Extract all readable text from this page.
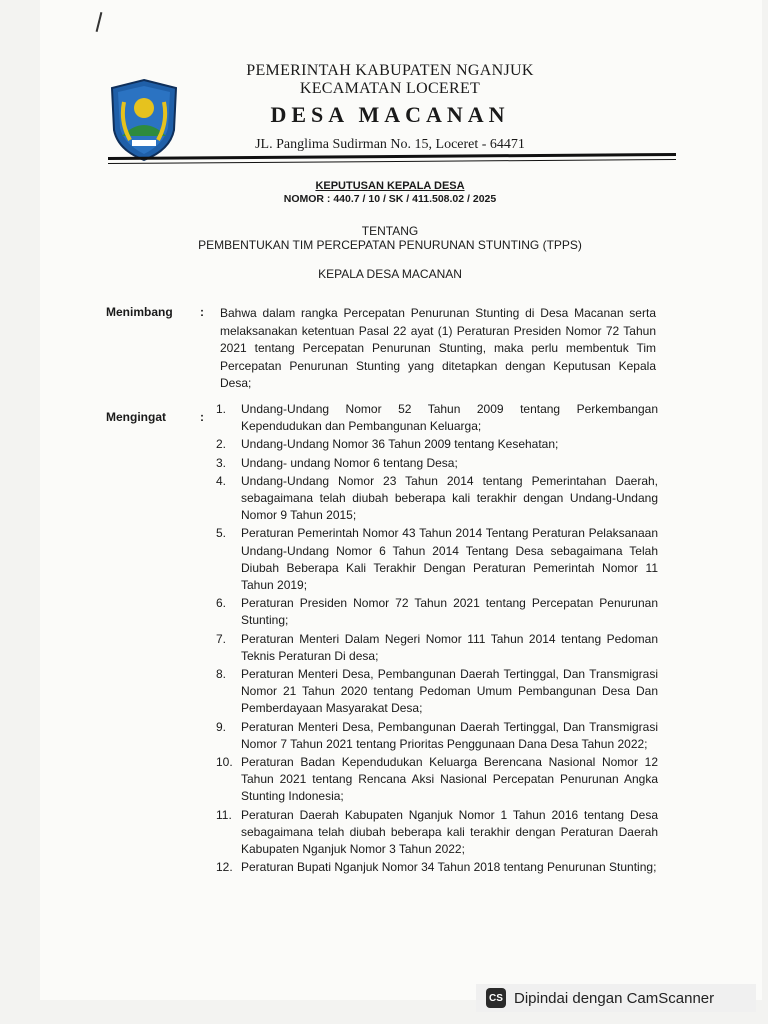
PEMERINTAH KABUPATEN NGANJUK
KECAMATAN LOCERET
DESA MACANAN
JL. Panglima Sudirman No. 15, Loceret - 64471
KEPUTUSAN KEPALA DESA
NOMOR : 440.7 / 10 / SK / 411.508.02 / 2025
TENTANG
PEMBENTUKAN TIM PERCEPATAN PENURUNAN STUNTING (TPPS)
KEPALA DESA MACANAN
Menimbang : Bahwa dalam rangka Percepatan Penurunan Stunting di Desa Macanan serta melaksanakan ketentuan Pasal 22 ayat (1) Peraturan Presiden Nomor 72 Tahun 2021 tentang Percepatan Penurunan Stunting, maka perlu membentuk Tim Percepatan Penurunan Stunting yang ditetapkan dengan Keputusan Kepala Desa;
Mengingat	:
1. Undang-Undang Nomor 52 Tahun 2009 tentang Perkembangan Kependudukan dan Pembangunan Keluarga;
2. Undang-Undang Nomor 36 Tahun 2009 tentang Kesehatan;
3. Undang- undang Nomor 6 tentang Desa;
4. Undang-Undang Nomor 23 Tahun 2014 tentang Pemerintahan Daerah, sebagaimana telah diubah beberapa kali terakhir dengan Undang-Undang Nomor 9 Tahun 2015;
5. Peraturan Pemerintah Nomor 43 Tahun 2014 Tentang Peraturan Pelaksanaan Undang-Undang Nomor 6 Tahun 2014 Tentang Desa sebagaimana Telah Diubah Beberapa Kali Terakhir Dengan Peraturan Pemerintah Nomor 11 Tahun 2019;
6. Peraturan Presiden Nomor 72 Tahun 2021 tentang Percepatan Penurunan Stunting;
7. Peraturan Menteri Dalam Negeri Nomor 111 Tahun 2014 tentang Pedoman Teknis Peraturan Di desa;
8. Peraturan Menteri Desa, Pembangunan Daerah Tertinggal, Dan Transmigrasi Nomor 21 Tahun 2020 tentang Pedoman Umum Pembangunan Desa Dan Pemberdayaan Masyarakat Desa;
9. Peraturan Menteri Desa, Pembangunan Daerah Tertinggal, Dan Transmigrasi Nomor 7 Tahun 2021 tentang Prioritas Penggunaan Dana Desa Tahun 2022;
10. Peraturan Badan Kependudukan Keluarga Berencana Nasional Nomor 12 Tahun 2021 tentang Rencana Aksi Nasional Percepatan Penurunan Angka Stunting Indonesia;
11. Peraturan Daerah Kabupaten Nganjuk Nomor 1 Tahun 2016 tentang Desa sebagaimana telah diubah beberapa kali terakhir dengan Peraturan Daerah Kabupaten Nganjuk Nomor 3 Tahun 2022;
12. Peraturan Bupati Nganjuk Nomor 34 Tahun 2018 tentang Penurunan Stunting;
CS Dipindai dengan CamScanner
